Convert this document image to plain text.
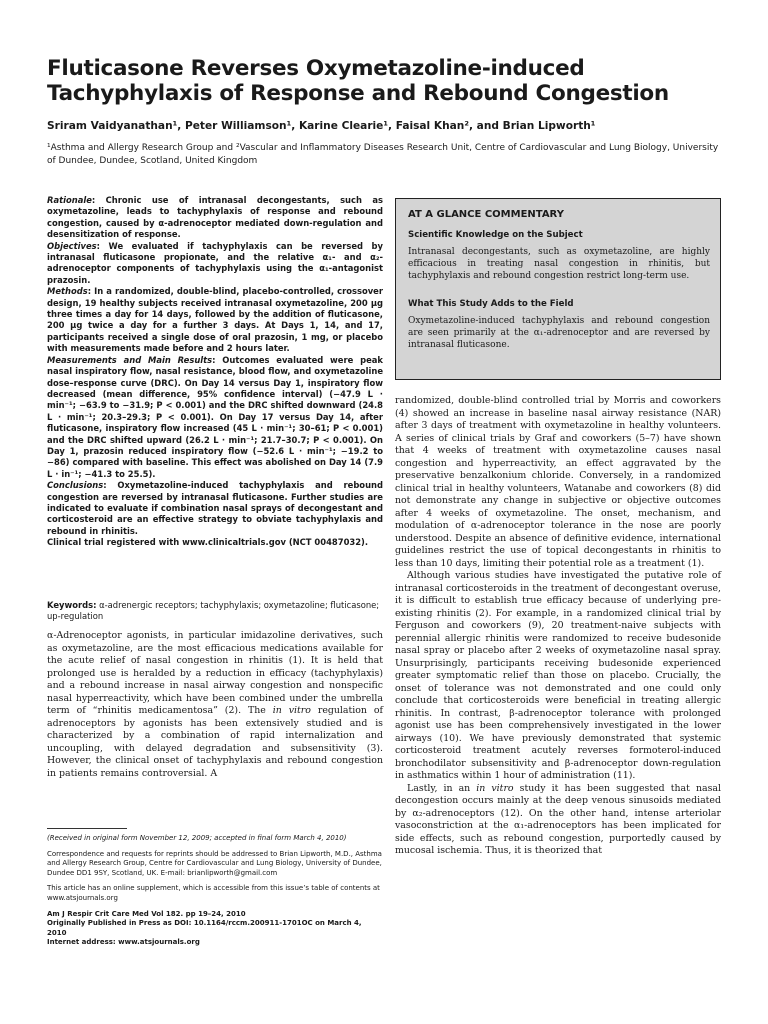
Fluticasone Reverses Oxymetazoline-induced Tachyphylaxis of Response and Rebound Congestion
Sriram Vaidyanathan¹, Peter Williamson¹, Karine Clearie¹, Faisal Khan², and Brian Lipworth¹
¹Asthma and Allergy Research Group and ²Vascular and Inflammatory Diseases Research Unit, Centre of Cardiovascular and Lung Biology, University of Dundee, Dundee, Scotland, United Kingdom

Rationale: Chronic use of intranasal decongestants, such as oxymetazoline, leads to tachyphylaxis of response and rebound congestion, caused by α-adrenoceptor mediated down-regulation and desensitization of response.

Objectives: We evaluated if tachyphylaxis can be reversed by intranasal fluticasone propionate, and the relative α₁- and α₂-adrenoceptor components of tachyphylaxis using the α₁-antagonist prazosin.

Methods: In a randomized, double-blind, placebo-controlled, crossover design, 19 healthy subjects received intranasal oxymetazoline, 200 μg three times a day for 14 days, followed by the addition of fluticasone, 200 μg twice a day for a further 3 days. At Days 1, 14, and 17, participants received a single dose of oral prazosin, 1 mg, or placebo with measurements made before and 2 hours later.

Measurements and Main Results: Outcomes evaluated were peak nasal inspiratory flow, nasal resistance, blood flow, and oxymetazoline dose–response curve (DRC). On Day 14 versus Day 1, inspiratory flow decreased (mean difference, 95% confidence interval) (−47.9 L · min⁻¹; −63.9 to −31.9; P < 0.001) and the DRC shifted downward (24.8 L · min⁻¹; 20.3–29.3; P < 0.001). On Day 17 versus Day 14, after fluticasone, inspiratory flow increased (45 L · min⁻¹; 30–61; P < 0.001) and the DRC shifted upward (26.2 L · min⁻¹; 21.7–30.7; P < 0.001). On Day 1, prazosin reduced inspiratory flow (−52.6 L · min⁻¹; −19.2 to −86) compared with baseline. This effect was abolished on Day 14 (7.9 L · in⁻¹; −41.3 to 25.5).

Conclusions: Oxymetazoline-induced tachyphylaxis and rebound congestion are reversed by intranasal fluticasone. Further studies are indicated to evaluate if combination nasal sprays of decongestant and corticosteroid are an effective strategy to obviate tachyphylaxis and rebound in rhinitis.

Clinical trial registered with www.clinicaltrials.gov (NCT 00487032).

Keywords: α-adrenergic receptors; tachyphylaxis; oxymetazoline; fluticasone; up-regulation

α-Adrenoceptor agonists, in particular imidazoline derivatives, such as oxymetazoline, are the most efficacious medications available for the acute relief of nasal congestion in rhinitis (1). It is held that prolonged use is heralded by a reduction in efficacy (tachyphylaxis) and a rebound increase in nasal airway congestion and nonspecific nasal hyperreactivity, which have been combined under the umbrella term of “rhinitis medicamentosa” (2). The in vitro regulation of adrenoceptors by agonists has been extensively studied and is characterized by a combination of rapid internalization and uncoupling, with delayed degradation and subsensitivity (3). However, the clinical onset of tachyphylaxis and rebound congestion in patients remains controversial. A

(Received in original form November 12, 2009; accepted in final form March 4, 2010)

Correspondence and requests for reprints should be addressed to Brian Lipworth, M.D., Asthma and Allergy Research Group, Centre for Cardiovascular and Lung Biology, University of Dundee, Dundee DD1 9SY, Scotland, UK. E-mail: brianlipworth@gmail.com

This article has an online supplement, which is accessible from this issue’s table of contents at www.atsjournals.org

Am J Respir Crit Care Med Vol 182. pp 19–24, 2010

Originally Published in Press as DOI: 10.1164/rccm.200911-1701OC on March 4, 2010

Internet address: www.atsjournals.org

AT A GLANCE COMMENTARY

Scientific Knowledge on the Subject

Intranasal decongestants, such as oxymetazoline, are highly efficacious in treating nasal congestion in rhinitis, but tachyphylaxis and rebound congestion restrict long-term use.

What This Study Adds to the Field

Oxymetazoline-induced tachyphylaxis and rebound congestion are seen primarily at the α₁-adrenoceptor and are reversed by intranasal fluticasone.

randomized, double-blind controlled trial by Morris and coworkers (4) showed an increase in baseline nasal airway resistance (NAR) after 3 days of treatment with oxymetazoline in healthy volunteers. A series of clinical trials by Graf and coworkers (5–7) have shown that 4 weeks of treatment with oxymetazoline causes nasal congestion and hyperreactivity, an effect aggravated by the preservative benzalkonium chloride. Conversely, in a randomized clinical trial in healthy volunteers, Watanabe and coworkers (8) did not demonstrate any change in subjective or objective outcomes after 4 weeks of oxymetazoline. The onset, mechanism, and modulation of α-adrenoceptor tolerance in the nose are poorly understood. Despite an absence of definitive evidence, international guidelines restrict the use of topical decongestants in rhinitis to less than 10 days, limiting their potential role as a treatment (1).

Although various studies have investigated the putative role of intranasal corticosteroids in the treatment of decongestant overuse, it is difficult to establish true efficacy because of underlying pre-existing rhinitis (2). For example, in a randomized clinical trial by Ferguson and coworkers (9), 20 treatment-naive subjects with perennial allergic rhinitis were randomized to receive budesonide nasal spray or placebo after 2 weeks of oxymetazoline nasal spray. Unsurprisingly, participants receiving budesonide experienced greater symptomatic relief than those on placebo. Crucially, the onset of tolerance was not demonstrated and one could only conclude that corticosteroids were beneficial in treating allergic rhinitis. In contrast, β-adrenoceptor tolerance with prolonged agonist use has been comprehensively investigated in the lower airways (10). We have previously demonstrated that systemic corticosteroid treatment acutely reverses formoterol-induced bronchodilator subsensitivity and β-adrenoceptor down-regulation in asthmatics within 1 hour of administration (11).

Lastly, in an in vitro study it has been suggested that nasal decongestion occurs mainly at the deep venous sinusoids mediated by α₂-adrenoceptors (12). On the other hand, intense arteriolar vasoconstriction at the α₁-adrenoceptors has been implicated for side effects, such as rebound congestion, purportedly caused by mucosal ischemia. Thus, it is theorized that
